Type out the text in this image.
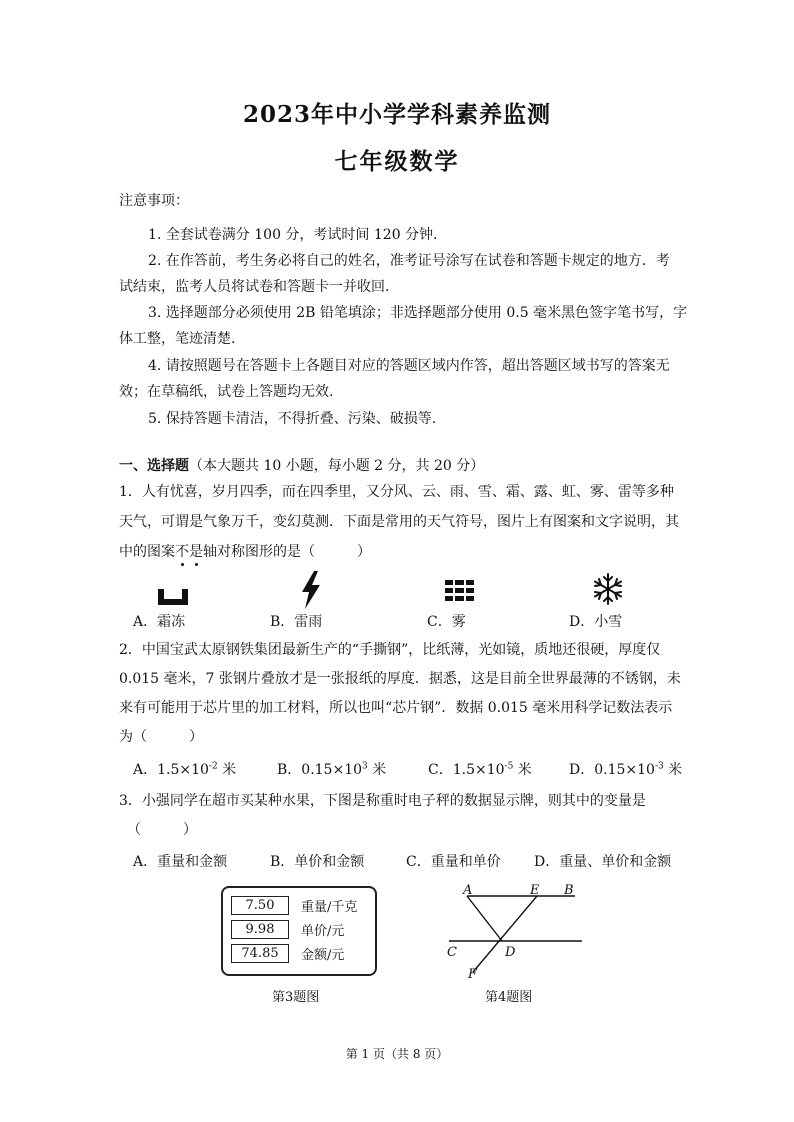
2023年中小学学科素养监测
七年级数学
注意事项：
1. 全套试卷满分 100 分，考试时间 120 分钟.
2. 在作答前，考生务必将自己的姓名，准考证号涂写在试卷和答题卡规定的地方．考
试结束，监考人员将试卷和答题卡一并收回.
3. 选择题部分必须使用 2B 铅笔填涂；非选择题部分使用 0.5 毫米黑色签字笔书写，字
体工整，笔迹清楚.
4. 请按照题号在答题卡上各题目对应的答题区域内作答，超出答题区域书写的答案无
效；在草稿纸，试卷上答题均无效.
5. 保持答题卡清洁，不得折叠、污染、破损等.
一、选择题（本大题共 10 小题，每小题 2 分，共 20 分）
1．人有忧喜，岁月四季，而在四季里，又分风、云、雨、雪、霜、露、虹、雾、雷等多种
天气，可谓是气象万千，变幻莫测．下面是常用的天气符号，图片上有图案和文字说明，其
中的图案不是轴对称图形的是（　　　）
A．霜冻	B．雷雨	C．雾	D．小雪
2．中国宝武太原钢铁集团最新生产的“手撕钢”，比纸薄，光如镜，质地还很硬，厚度仅
0.015 毫米，7 张钢片叠放才是一张报纸的厚度．据悉，这是目前全世界最薄的不锈钢，未
来有可能用于芯片里的加工材料，所以也叫“芯片钢”．数据 0.015 毫米用科学记数法表示
为（　　　）
A．$1.5\times 10^{-2}$ 米	B．$0.15\times 10^3$ 米	C．$1.5\times 10^{-5}$ 米	D．$0.15\times 10^{-3}$ 米
3．小强同学在超市买某种水果，下图是称重时电子秤的数据显示牌，则其中的变量是
（　　　）
A．重量和金额	B．单价和金额	C．重量和单价 D．重量、单价和金额
7.50	重量/千克
9.98	单价/元
74.85	金额/元
第3题图
A	E B
C	D
F
第4题图
第 1 页（共 8 页）
